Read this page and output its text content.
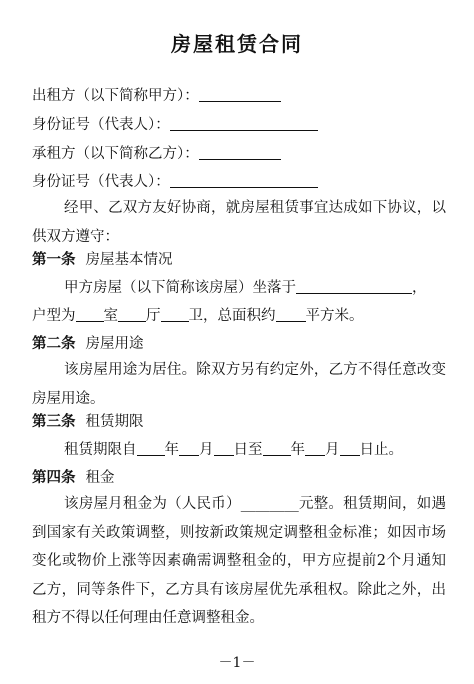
房屋租赁合同
出租方（以下简称甲方）：
身份证号（代表人）：
承租方（以下简称乙方）：
身份证号（代表人）：
经甲、乙双方友好协商，就房屋租赁事宜达成如下协议，以供双方遵守：
第一条 房屋基本情况
甲方房屋（以下简称该房屋）坐落于	，
户型为 室 厅 卫，总面积约 平方米。
第二条 房屋用途
该房屋用途为居住。除双方另有约定外，乙方不得任意改变房屋用途。
第三条 租赁期限
租赁期限自 年 月 日至 年 月 日止。
第四条 租金
该房屋月租金为（人民币）________元整。租赁期间，如遇到国家有关政策调整，则按新政策规定调整租金标准；如因市场变化或物价上涨等因素确需调整租金的，甲方应提前2个月通知乙方，同等条件下，乙方具有该房屋优先承租权。除此之外，出租方不得以任何理由任意调整租金。
－1－
